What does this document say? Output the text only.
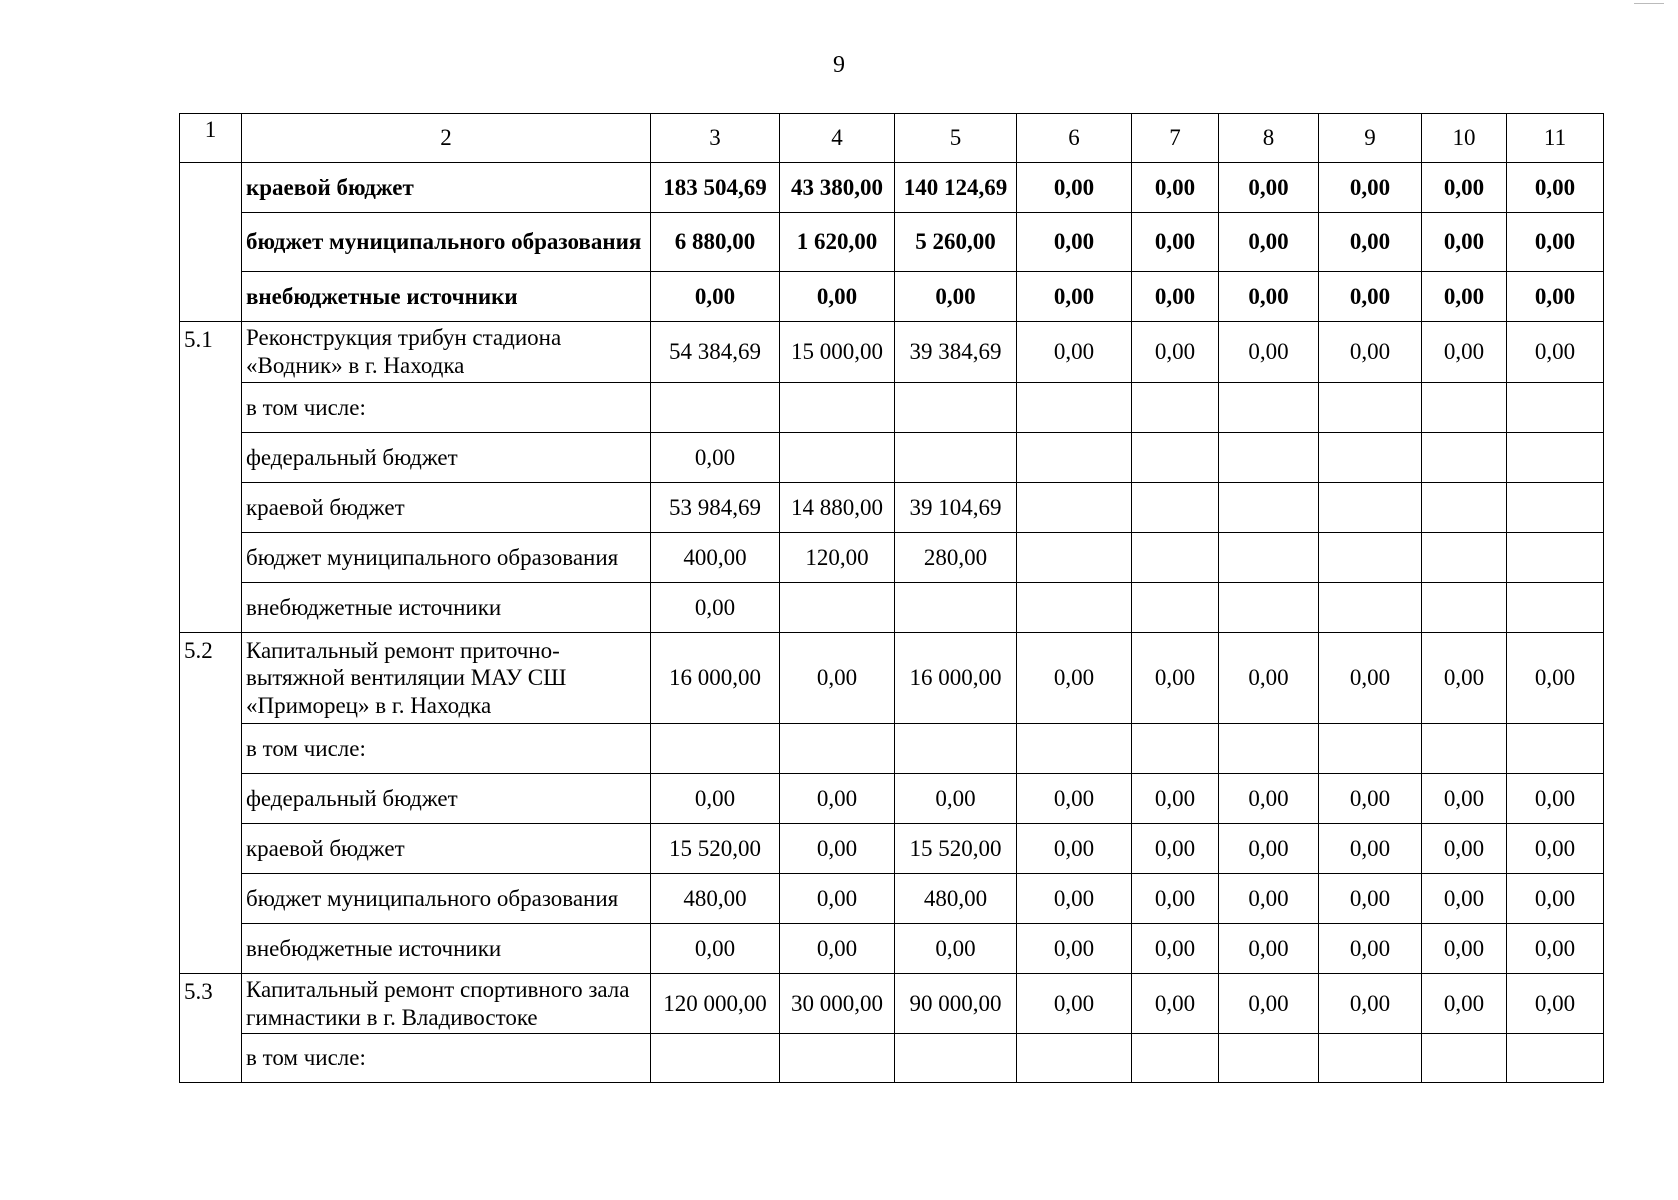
9
1	2	3	4	5	6	7	8	9	10	11
	краевой бюджет	183 504,69	43 380,00	140 124,69	0,00	0,00	0,00	0,00	0,00	0,00
	бюджет муниципального образования	6 880,00	1 620,00	5 260,00	0,00	0,00	0,00	0,00	0,00	0,00
	внебюджетные источники	0,00	0,00	0,00	0,00	0,00	0,00	0,00	0,00	0,00
5.1	Реконструкция трибун стадиона «Водник» в г. Находка	54 384,69	15 000,00	39 384,69	0,00	0,00	0,00	0,00	0,00	0,00
	в том числе:									
	федеральный бюджет	0,00								
	краевой бюджет	53 984,69	14 880,00	39 104,69						
	бюджет муниципального образования	400,00	120,00	280,00						
	внебюджетные источники	0,00								
5.2	Капитальный ремонт приточно-вытяжной вентиляции МАУ СШ «Приморец» в г. Находка	16 000,00	0,00	16 000,00	0,00	0,00	0,00	0,00	0,00	0,00
	в том числе:									
	федеральный бюджет	0,00	0,00	0,00	0,00	0,00	0,00	0,00	0,00	0,00
	краевой бюджет	15 520,00	0,00	15 520,00	0,00	0,00	0,00	0,00	0,00	0,00
	бюджет муниципального образования	480,00	0,00	480,00	0,00	0,00	0,00	0,00	0,00	0,00
	внебюджетные источники	0,00	0,00	0,00	0,00	0,00	0,00	0,00	0,00	0,00
5.3	Капитальный ремонт спортивного зала гимнастики в г. Владивостоке	120 000,00	30 000,00	90 000,00	0,00	0,00	0,00	0,00	0,00	0,00
	в том числе:									
